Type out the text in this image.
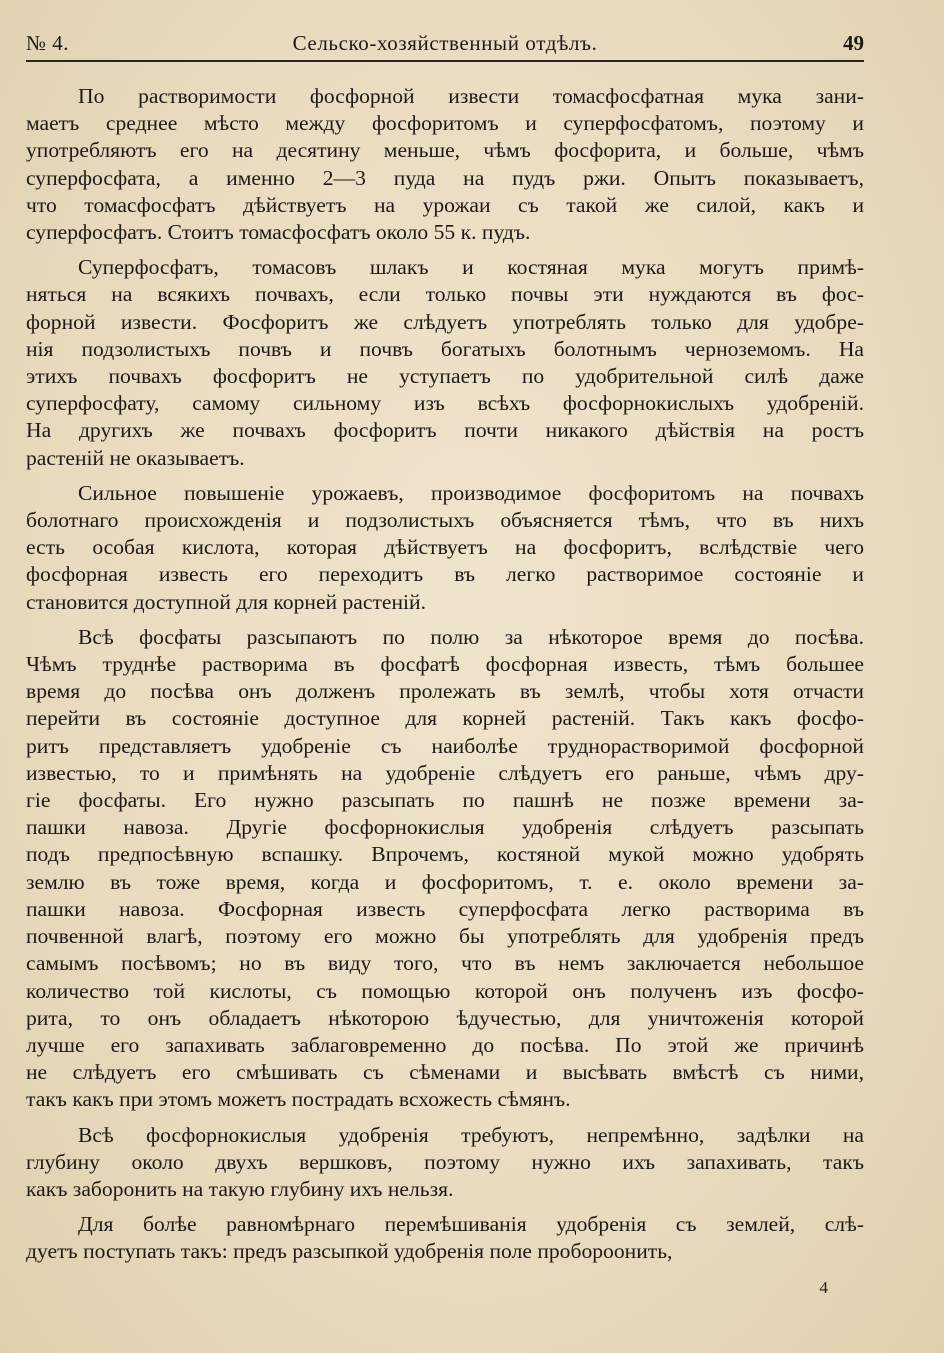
№ 4.	Сельско-хозяйственный отдѣлъ.	49
По растворимости фосфорной извести томасфосфатная мука зани-
маетъ среднее мѣсто между фосфоритомъ и суперфосфатомъ, поэтому и
употребляютъ его на десятину меньше, чѣмъ фосфорита, и больше, чѣмъ
суперфосфата, а именно 2—3 пуда на пудъ ржи. Опытъ показываетъ,
что томасфосфатъ дѣйствуетъ на урожаи съ такой же силой, какъ и
суперфосфатъ. Стоитъ томасфосфатъ около 55 к. пудъ.
Суперфосфатъ, томасовъ шлакъ и костяная мука могутъ примѣ-
няться на всякихъ почвахъ, если только почвы эти нуждаются въ фос-
форной извести. Фосфоритъ же слѣдуетъ употреблять только для удобре-
нія подзолистыхъ почвъ и почвъ богатыхъ болотнымъ черноземомъ. На
этихъ почвахъ фосфоритъ не уступаетъ по удобрительной силѣ даже
суперфосфату, самому сильному изъ всѣхъ фосфорнокислыхъ удобреній.
На другихъ же почвахъ фосфоритъ почти никакого дѣйствія на ростъ
растеній не оказываетъ.
Сильное повышеніе урожаевъ, производимое фосфоритомъ на почвахъ
болотнаго происхожденія и подзолистыхъ объясняется тѣмъ, что въ нихъ
есть особая кислота, которая дѣйствуетъ на фосфоритъ, вслѣдствіе чего
фосфорная известь его переходитъ въ легко растворимое состояніе и
становится доступной для корней растеній.
Всѣ фосфаты разсыпаютъ по полю за нѣкоторое время до посѣва.
Чѣмъ труднѣе растворима въ фосфатѣ фосфорная известь, тѣмъ большее
время до посѣва онъ долженъ пролежать въ землѣ, чтобы хотя отчасти
перейти въ состояніе доступное для корней растеній. Такъ какъ фосфо-
ритъ представляетъ удобреніе съ наиболѣе труднорастворимой фосфорной
известью, то и примѣнять на удобреніе слѣдуетъ его раньше, чѣмъ дру-
гіе фосфаты. Его нужно разсыпать по пашнѣ не позже времени за-
пашки навоза. Другіе фосфорнокислыя удобренія слѣдуетъ разсыпать
подъ предпосѣвную вспашку. Впрочемъ, костяной мукой можно удобрять
землю въ тоже время, когда и фосфоритомъ, т. е. около времени за-
пашки навоза. Фосфорная известь суперфосфата легко растворима въ
почвенной влагѣ, поэтому его можно бы употреблять для удобренія предъ
самымъ посѣвомъ; но въ виду того, что въ немъ заключается небольшое
количество той кислоты, съ помощью которой онъ полученъ изъ фосфо-
рита, то онъ обладаетъ нѣкоторою ѣдучестью, для уничтоженія которой
лучше его запахивать заблаговременно до посѣва. По этой же причинѣ
не слѣдуетъ его смѣшивать съ сѣменами и высѣвать вмѣстѣ съ ними,
такъ какъ при этомъ можетъ пострадать всхожесть сѣмянъ.
Всѣ фосфорнокислыя удобренія требуютъ, непремѣнно, задѣлки на
глубину около двухъ вершковъ, поэтому нужно ихъ запахивать, такъ
какъ заборонить на такую глубину ихъ нельзя.
Для болѣе равномѣрнаго перемѣшиванія удобренія съ землей, слѣ-
дуетъ поступать такъ: предъ разсыпкой удобренія поле пробороонить,
4
